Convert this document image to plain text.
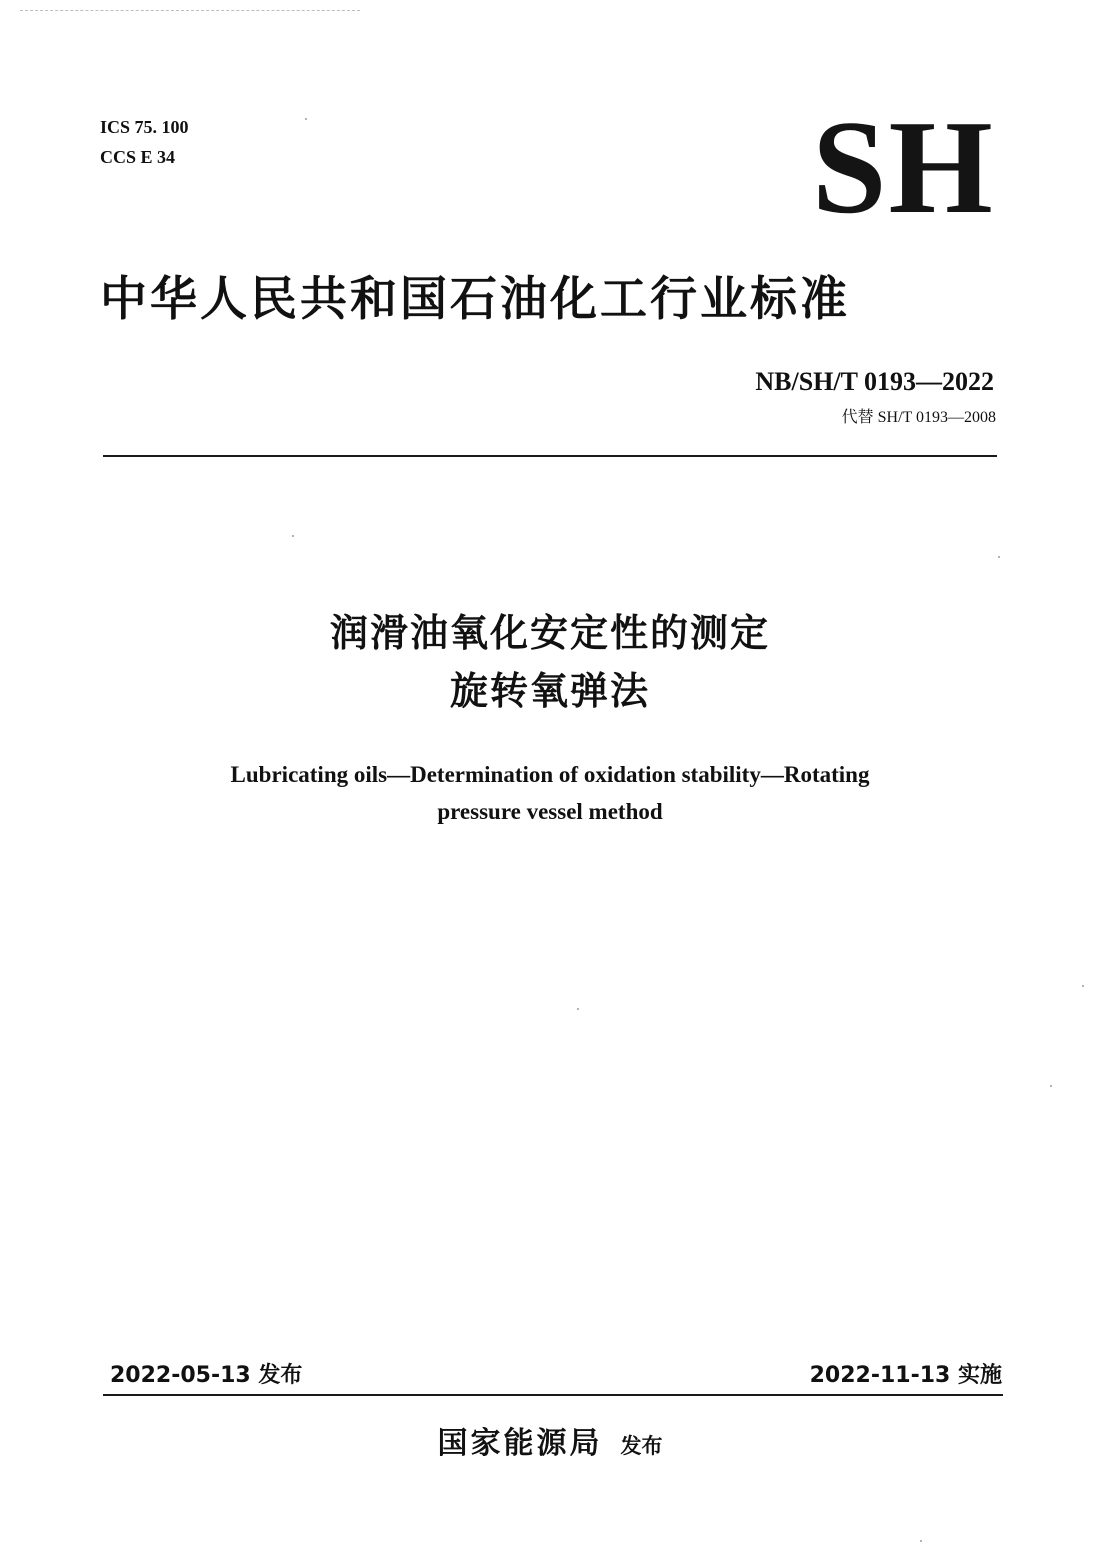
ICS 75. 100
CCS E 34	SH
中华人民共和国石油化工行业标准
NB/SH/T 0193—2022
代替 SH/T 0193—2008
润滑油氧化安定性的测定
旋转氧弹法
Lubricating oils—Determination of oxidation stability—Rotating
pressure vessel method
2022-05-13 发布	2022-11-13 实施
国家能源局 发布
